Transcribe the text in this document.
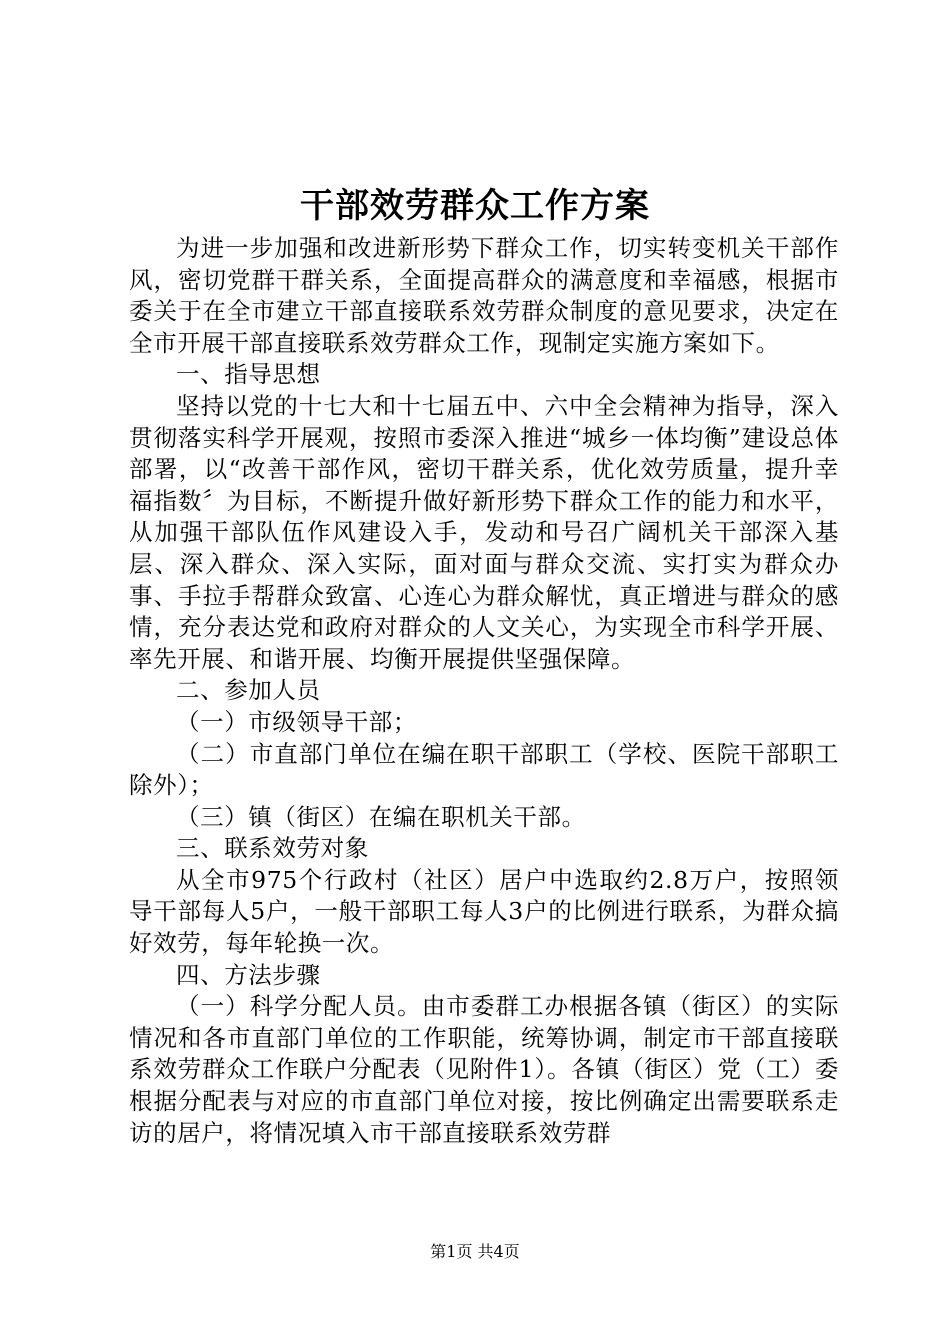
干部效劳群众工作方案

为进一步加强和改进新形势下群众工作，切实转变机关干部作风，密切党群干群关系，全面提高群众的满意度和幸福感，根据市委关于在全市建立干部直接联系效劳群众制度的意见要求，决定在全市开展干部直接联系效劳群众工作，现制定实施方案如下。

一、指导思想

坚持以党的十七大和十七届五中、六中全会精神为指导，深入贯彻落实科学开展观，按照市委深入推进“城乡一体均衡”建设总体部署，以“改善干部作风，密切干群关系，优化效劳质量，提升幸福指数〞为目标，不断提升做好新形势下群众工作的能力和水平，从加强干部队伍作风建设入手，发动和号召广阔机关干部深入基层、深入群众、深入实际，面对面与群众交流、实打实为群众办事、手拉手帮群众致富、心连心为群众解忧，真正增进与群众的感情，充分表达党和政府对群众的人文关心，为实现全市科学开展、率先开展、和谐开展、均衡开展提供坚强保障。

二、参加人员

（一）市级领导干部；

（二）市直部门单位在编在职干部职工（学校、医院干部职工除外）；

（三）镇（街区）在编在职机关干部。

三、联系效劳对象

从全市975个行政村（社区）居户中选取约2.8万户，按照领导干部每人5户，一般干部职工每人3户的比例进行联系，为群众搞好效劳，每年轮换一次。

四、方法步骤

（一）科学分配人员。由市委群工办根据各镇（街区）的实际情况和各市直部门单位的工作职能，统筹协调，制定市干部直接联系效劳群众工作联户分配表（见附件1）。各镇（街区）党（工）委根据分配表与对应的市直部门单位对接，按比例确定出需要联系走访的居户，将情况填入市干部直接联系效劳群

第1页 共4页
